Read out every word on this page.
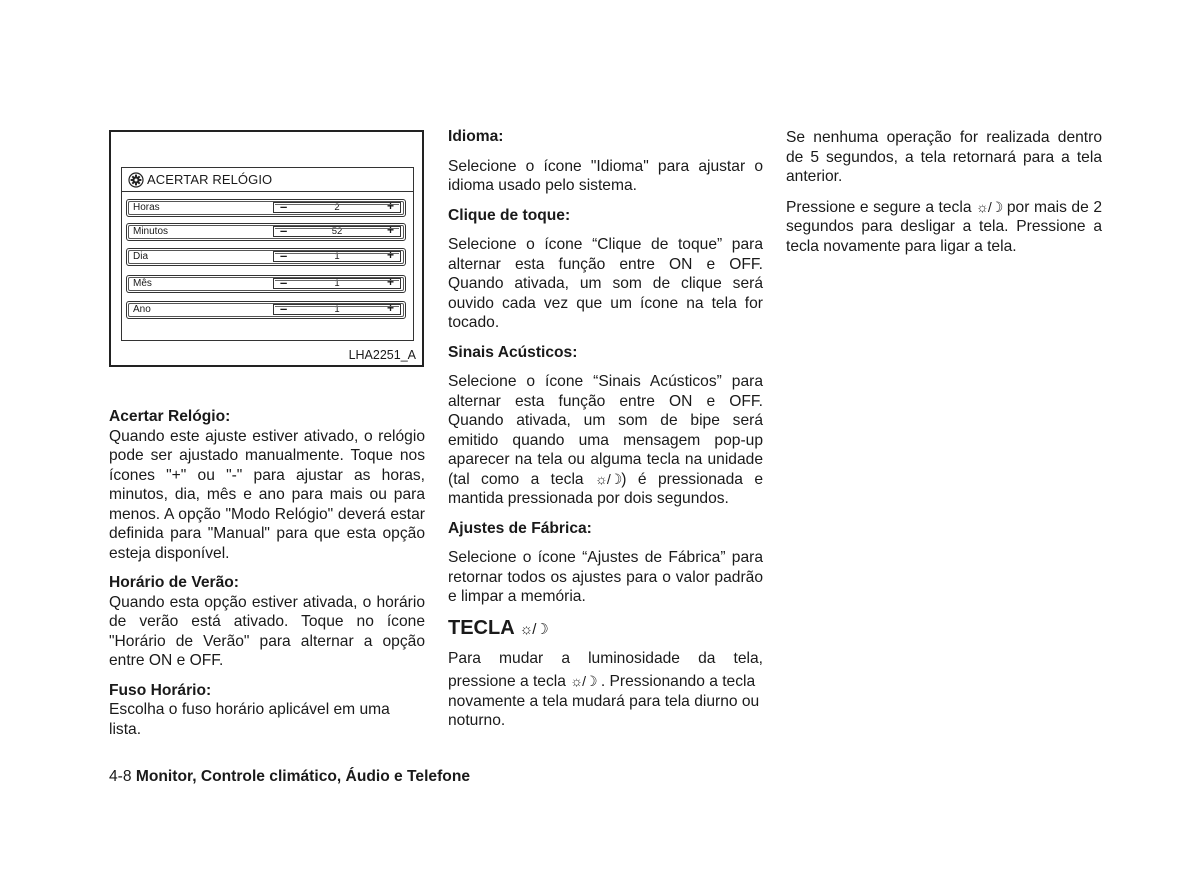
ACERTAR RELÓGIO
Horas	–	2	+
Minutos	–	52	+
Dia	–	1	+
Mês	–	1	+
Ano	–	1	+
LHA2251_A

Acertar Relógio:

Quando este ajuste estiver ativado, o relógio pode ser ajustado manualmente. Toque nos ícones "+" ou "-" para ajustar as horas, minutos, dia, mês e ano para mais ou para menos. A opção "Modo Relógio" deverá estar definida para "Manual" para que esta opção esteja disponível.

Horário de Verão:

Quando esta opção estiver ativada, o horário de verão está ativado. Toque no ícone "Horário de Verão" para alternar a opção entre ON e OFF.

Fuso Horário:

Escolha o fuso horário aplicável em uma lista.

Idioma:

Selecione o ícone "Idioma" para ajustar o idioma usado pelo sistema.

Clique de toque:

Selecione o ícone “Clique de toque” para alternar esta função entre ON e OFF. Quando ativada, um som de clique será ouvido cada vez que um ícone na tela for tocado.

Sinais Acústicos:

Selecione o ícone “Sinais Acústicos” para alternar esta função entre ON e OFF. Quando ativada, um som de bipe será emitido quando uma mensagem pop-up aparecer na tela ou alguma tecla na unidade (tal como a tecla ☼/☽) é pressionada e mantida pressionada por dois segundos.

Ajustes de Fábrica:

Selecione o ícone “Ajustes de Fábrica” para retornar todos os ajustes para o valor padrão e limpar a memória.

TECLA ☼/☽

Para mudar a luminosidade da tela,

pressione a tecla ☼/☽ . Pressionando a tecla novamente a tela mudará para tela diurno ou noturno.

Se nenhuma operação for realizada dentro de 5 segundos, a tela retornará para a tela anterior.

Pressione e segure a tecla ☼/☽ por mais de 2 segundos para desligar a tela. Pressione a tecla novamente para ligar a tela.

4-8 Monitor, Controle climático, Áudio e Telefone
